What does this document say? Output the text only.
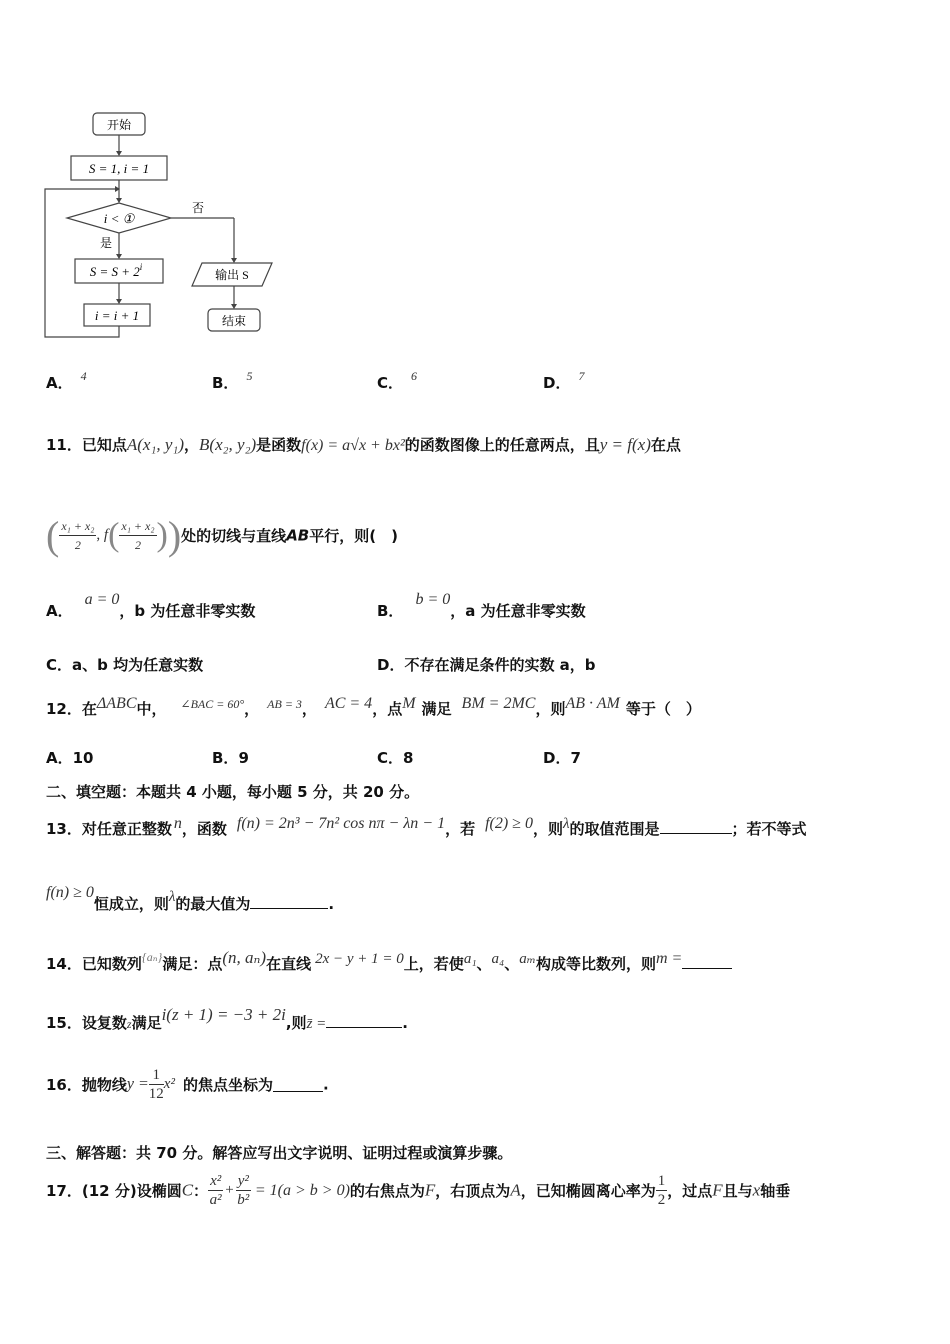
开始
S = 1, i = 1
i < ①
否
是
$S = S + 2^i$
i = i + 1
输出 S
结束
A． $^4$	B． $^5$	C． $^6$	D． $^7$
11．已知点A(x₁, y₁)，B(x₂, y₂)是函数f(x) = a√x + bx²的函数图像上的任意两点，且y = f(x)在点
( $\frac{\text{x₁ + x₂}}{2}$ , $f( \frac{\text{x₁ + x₂}}{2}$ ))处的切线与直线AB平行，则(　)
A．a = 0，b 为任意非零实数	B．b = 0，a 为任意非零实数
C．a、b 均为任意实数	D．不存在满足条件的实数 a，b
12．在ΔABC中， $^{\angle BAC = 60^\circ}$， $^{AB = 3}$， AC = 4，点M 满足 BM = 2MC，则AB · AM 等于（　）
A．10	B．9	C．8	D．7
二、填空题：本题共 4 小题，每小题 5 分，共 20 分。
13．对任意正整数 n，函数 f(n) = 2n³ − 7n² cos nπ − λn − 1，若 f(2) ≥ 0，则λ的取值范围是	；若不等式
f(n) ≥ 0恒成立，则λ的最大值为	.
14．已知数列$^{\{a_n\}}$满足：点(n, aₙ)在直线 2x − y + 1 = 0上，若使a₁、a₄、aₘ构成等比数列，则m =
15．设复数z满足i(z + 1) = −3 + 2i,则z̄ =	.
16．抛物线$y = \frac{1}{12} x^2$ 的焦点坐标为	.
三、解答题：共 70 分。解答应写出文字说明、证明过程或演算步骤。
17．(12 分)设椭圆C： $\frac{\text{x²}}{\text{a²}} + \frac{\text{y²}}{\text{b²}} = 1(a > b > 0)$的右焦点为F，右顶点为A，已知椭圆离心率为 $\frac{1}{2}$ ，过点F且与x轴垂
